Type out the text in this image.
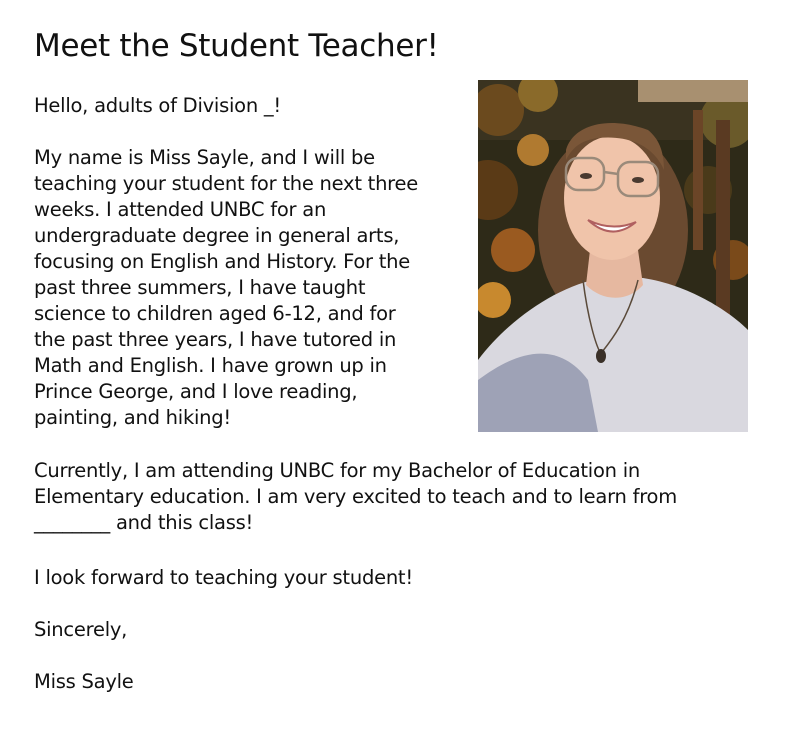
Meet the Student Teacher!

Hello, adults of Division _!

My name is Miss Sayle, and I will be
teaching your student for the next three
weeks. I attended UNBC for an
undergraduate degree in general arts,
focusing on English and History. For the
past three summers, I have taught
science to children aged 6-12, and for
the past three years, I have tutored in
Math and English. I have grown up in
Prince George, and I love reading,
painting, and hiking!

Currently, I am attending UNBC for my Bachelor of Education in
Elementary education. I am very excited to teach and to learn from
________ and this class!

I look forward to teaching your student!

Sincerely,

Miss Sayle
